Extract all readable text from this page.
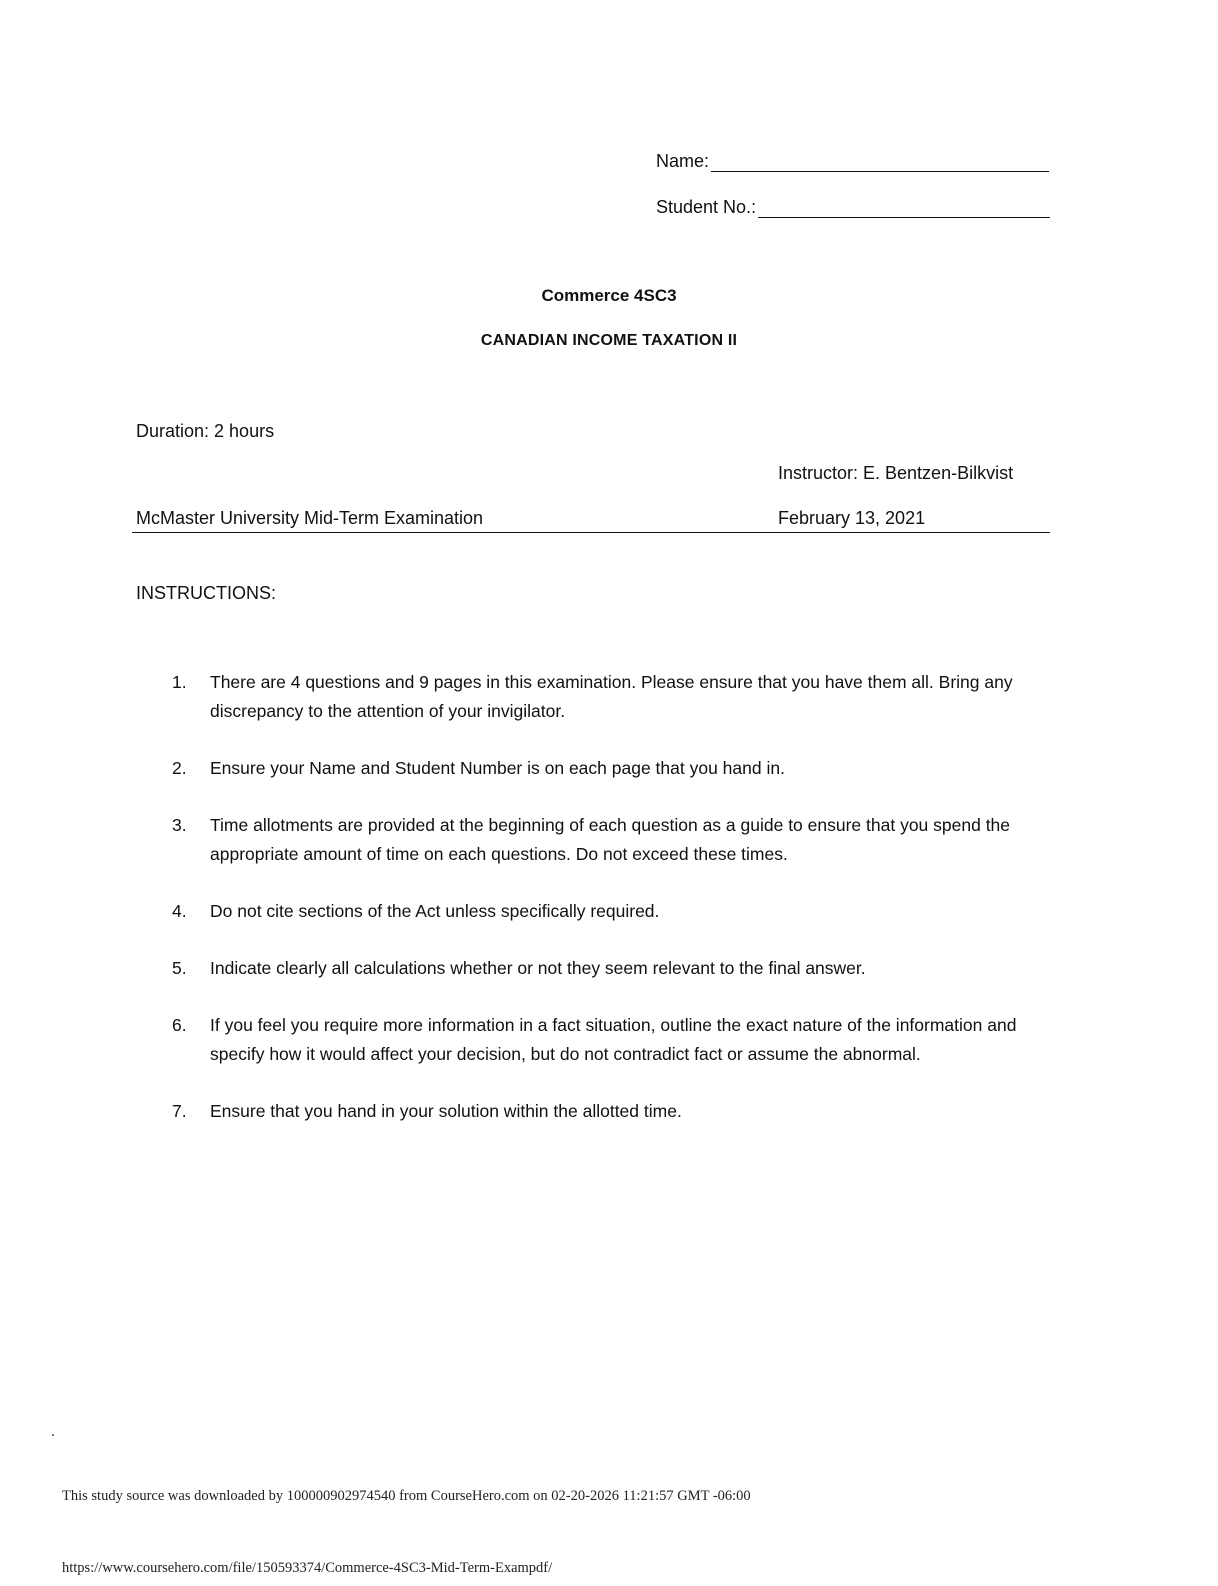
Name:
Student No.:
Commerce 4SC3
CANADIAN INCOME TAXATION II
Duration: 2 hours
Instructor: E. Bentzen-Bilkvist
McMaster University Mid-Term Examination	February 13, 2021
INSTRUCTIONS:
1. There are 4 questions and 9 pages in this examination. Please ensure that you have them all. Bring any discrepancy to the attention of your invigilator.
2. Ensure your Name and Student Number is on each page that you hand in.
3. Time allotments are provided at the beginning of each question as a guide to ensure that you spend the appropriate amount of time on each questions. Do not exceed these times.
4. Do not cite sections of the Act unless specifically required.
5. Indicate clearly all calculations whether or not they seem relevant to the final answer.
6. If you feel you require more information in a fact situation, outline the exact nature of the information and specify how it would affect your decision, but do not contradict fact or assume the abnormal.
7. Ensure that you hand in your solution within the allotted time.
This study source was downloaded by 100000902974540 from CourseHero.com on 02-20-2026 11:21:57 GMT -06:00
https://www.coursehero.com/file/150593374/Commerce-4SC3-Mid-Term-Exampdf/
